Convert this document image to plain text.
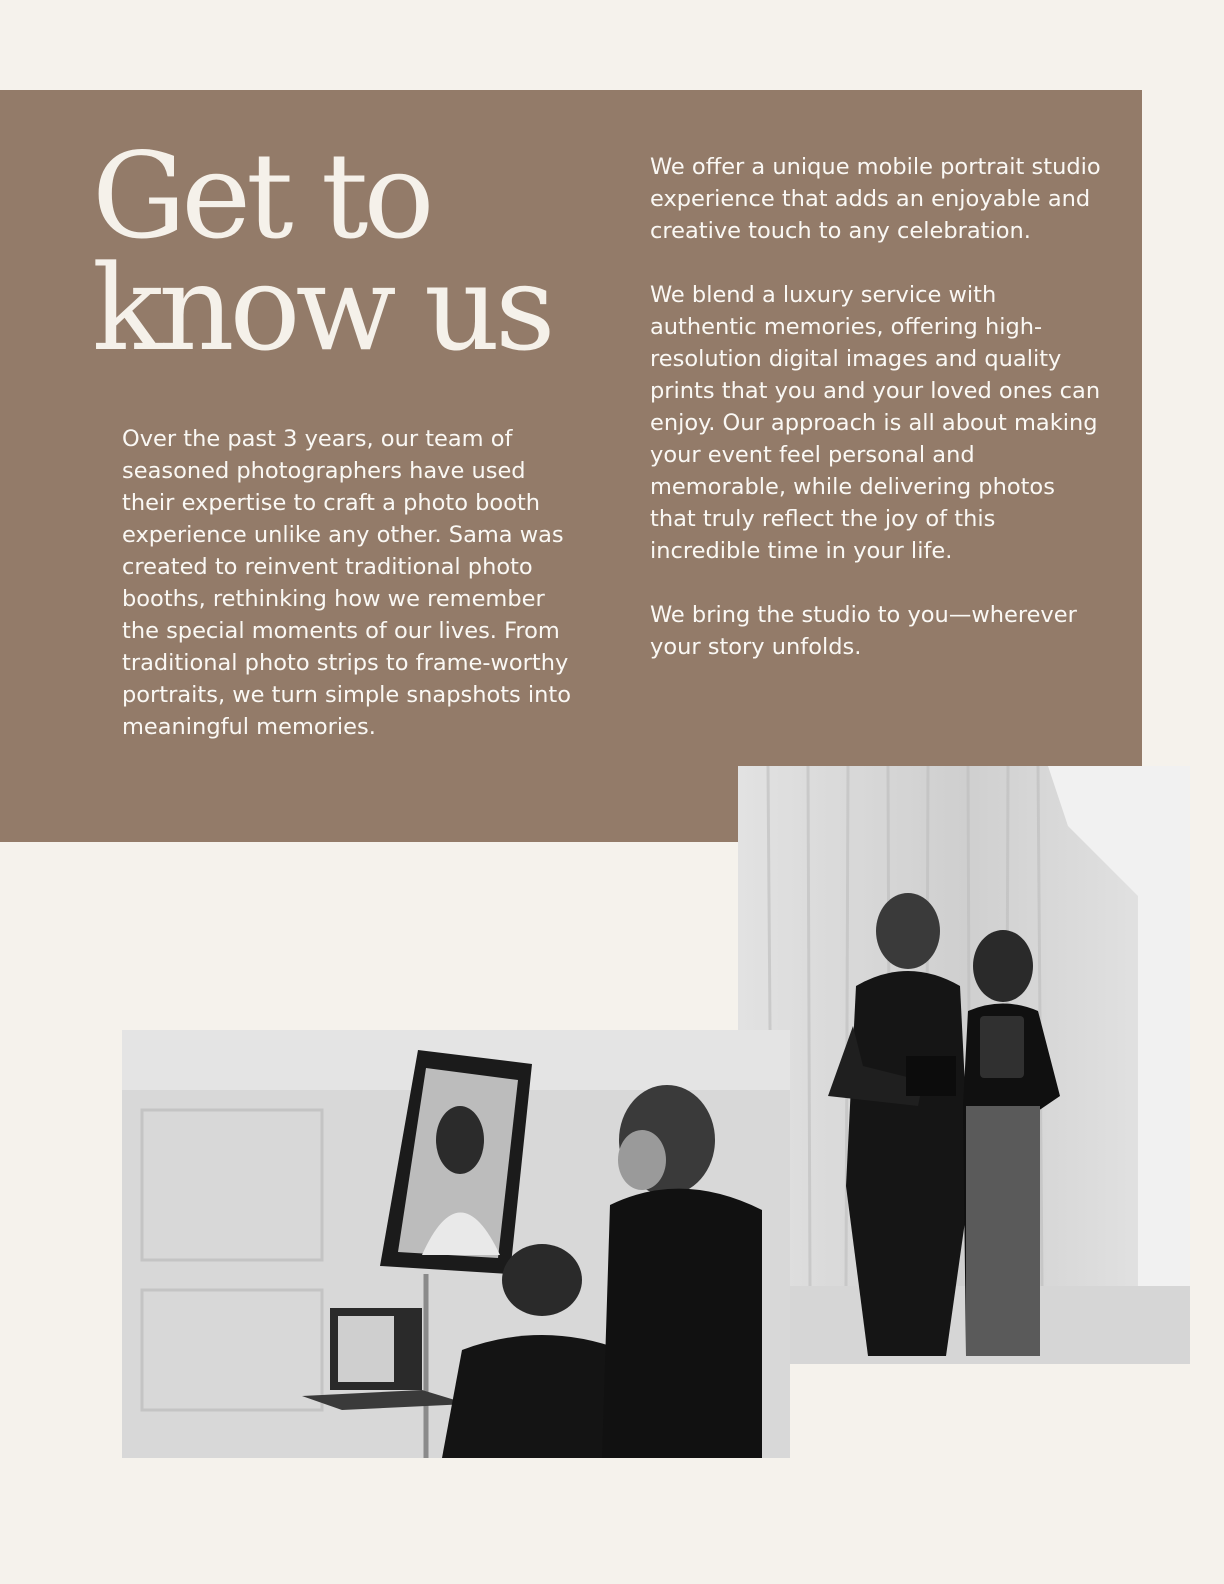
Get to
know us

Over the past 3 years, our team of seasoned photographers have used their expertise to craft a photo booth experience unlike any other. Sama was created to reinvent traditional photo booths, rethinking how we remember the special moments of our lives. From traditional photo strips to frame-worthy portraits, we turn simple snapshots into meaningful memories.

We offer a unique mobile portrait studio experience that adds an enjoyable and creative touch to any celebration.

We blend a luxury service with authentic memories, offering high-resolution digital images and quality prints that you and your loved ones can enjoy. Our approach is all about making your event feel personal and memorable, while delivering photos that truly reflect the joy of this incredible time in your life.

We bring the studio to you—wherever your story unfolds.
